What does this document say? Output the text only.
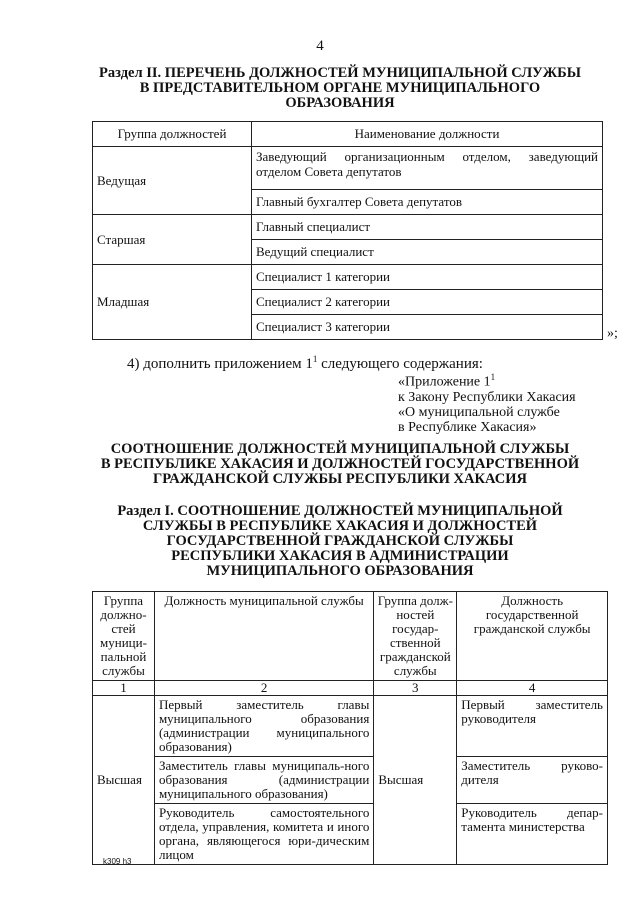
4
Раздел II. ПЕРЕЧЕНЬ ДОЛЖНОСТЕЙ МУНИЦИПАЛЬНОЙ СЛУЖБЫ
В ПРЕДСТАВИТЕЛЬНОМ ОРГАНЕ МУНИЦИПАЛЬНОГО
ОБРАЗОВАНИЯ
Группа должностей	Наименование должности
Ведущая	Заведующий организационным отделом, заведующий отделом Совета депутатов
	Главный бухгалтер Совета депутатов
Старшая	Главный специалист
	Ведущий специалист
Младшая	Специалист 1 категории
	Специалист 2 категории
	Специалист 3 категории	»;
4) дополнить приложением $1^1$ следующего содержания:
«Приложение $1^1$
к Закону Республики Хакасия
«О муниципальной службе
в Республике Хакасия»
СООТНОШЕНИЕ ДОЛЖНОСТЕЙ МУНИЦИПАЛЬНОЙ СЛУЖБЫ
В РЕСПУБЛИКЕ ХАКАСИЯ И ДОЛЖНОСТЕЙ ГОСУДАРСТВЕННОЙ
ГРАЖДАНСКОЙ СЛУЖБЫ РЕСПУБЛИКИ ХАКАСИЯ
Раздел I. СООТНОШЕНИЕ ДОЛЖНОСТЕЙ МУНИЦИПАЛЬНОЙ
СЛУЖБЫ В РЕСПУБЛИКЕ ХАКАСИЯ И ДОЛЖНОСТЕЙ
ГОСУДАРСТВЕННОЙ ГРАЖДАНСКОЙ СЛУЖБЫ
РЕСПУБЛИКИ ХАКАСИЯ В АДМИНИСТРАЦИИ
МУНИЦИПАЛЬНОГО ОБРАЗОВАНИЯ
Группа должно-стей муници-пальной службы	Должность муниципальной службы	Группа долж-ностей государ-ственной гражданской службы	Должность государственной гражданской службы
1	2	3	4
Высшая	Первый заместитель главы муниципального образования (администрации муниципального образования)	Высшая	Первый заместитель руководителя
	Заместитель главы муниципаль-ного образования (администрации муниципального образования)		Заместитель руково-дителя
	Руководитель самостоятельного отдела, управления, комитета и иного органа, являющегося юри-дическим лицом		Руководитель депар-тамента министерства
k309 h3
